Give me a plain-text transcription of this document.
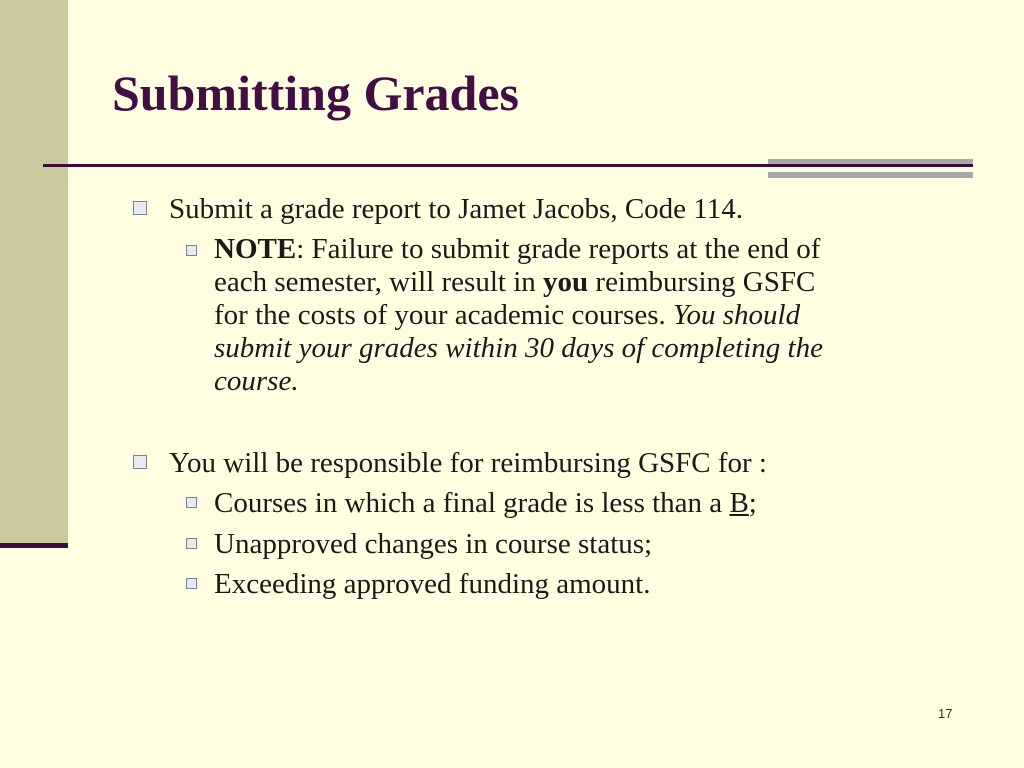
Submitting Grades
Submit a grade report to Jamet Jacobs, Code 114.
NOTE: Failure to submit grade reports at the end of
each semester, will result in you reimbursing GSFC
for the costs of your academic courses. You should
submit your grades within 30 days of completing the
course.
You will be responsible for reimbursing GSFC for :
Courses in which a final grade is less than a B;
Unapproved changes in course status;
Exceeding approved funding amount.
17
